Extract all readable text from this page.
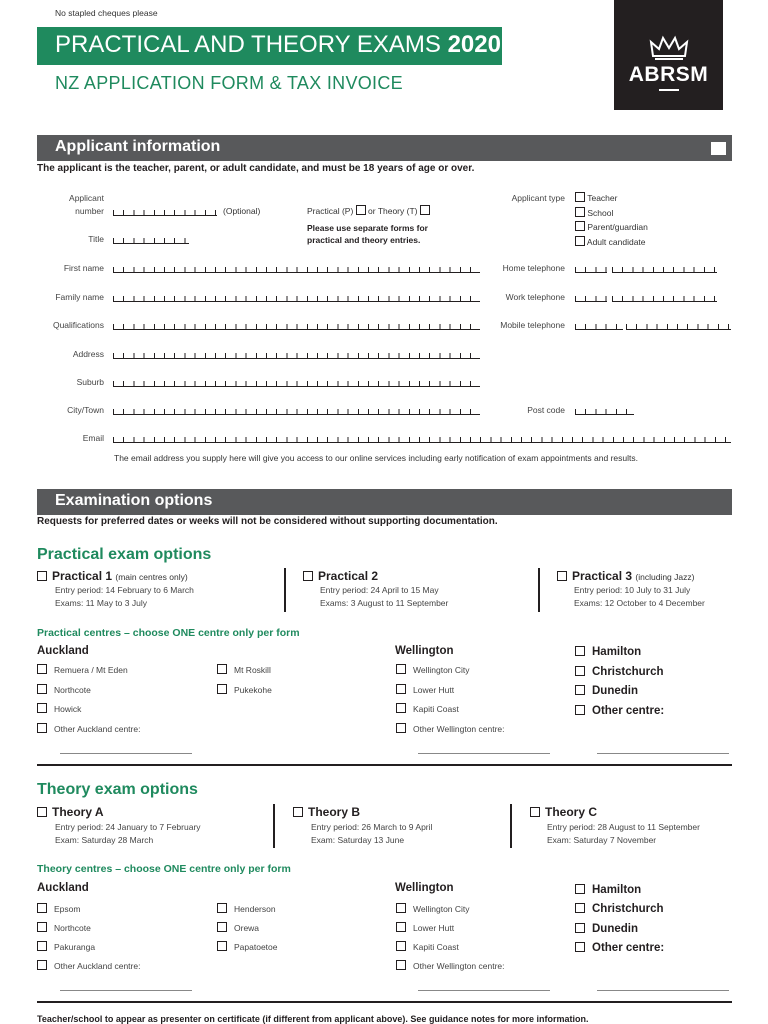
No stapled cheques please
PRACTICAL AND THEORY EXAMS 2020
NZ APPLICATION FORM & TAX INVOICE	ABRSM
Applicant information
The applicant is the teacher, parent, or adult candidate, and must be 18 years of age or over.
Applicant
number	(Optional)	Practical (P) or Theory (T)
Please use separate forms for practical and theory entries.
Applicant type	Teacher
School
Parent/guardian
Adult candidate
Title
First name	Home telephone
Family name	Work telephone
Qualifications	Mobile telephone
Address
Suburb
City/Town	Post code
Email
The email address you supply here will give you access to our online services including early notification of exam appointments and results.
Examination options
Requests for preferred dates or weeks will not be considered without supporting documentation.
Practical exam options
Practical 1 (main centres only)
Entry period: 14 February to 6 March
Exams: 11 May to 3 July
Practical 2
Entry period: 24 April to 15 May
Exams: 3 August to 11 September
Practical 3 (including Jazz)
Entry period: 10 July to 31 July
Exams: 12 October to 4 December
Practical centres – choose ONE centre only per form
Auckland
Remuera / Mt Eden
Northcote
Howick
Other Auckland centre:
Mt Roskill
Pukekohe
Wellington
Wellington City
Lower Hutt
Kapiti Coast
Other Wellington centre:
Hamilton
Christchurch
Dunedin
Other centre:
Theory exam options
Theory A
Entry period: 24 January to 7 February
Exam: Saturday 28 March
Theory B
Entry period: 26 March to 9 April
Exam: Saturday 13 June
Theory C
Entry period: 28 August to 11 September
Exam: Saturday 7 November
Theory centres – choose ONE centre only per form
Auckland
Epsom
Northcote
Pakuranga
Other Auckland centre:
Henderson
Orewa
Papatoetoe
Wellington
Wellington City
Lower Hutt
Kapiti Coast
Other Wellington centre:
Hamilton
Christchurch
Dunedin
Other centre:
Teacher/school to appear as presenter on certificate (if different from applicant above). See guidance notes for more information.
